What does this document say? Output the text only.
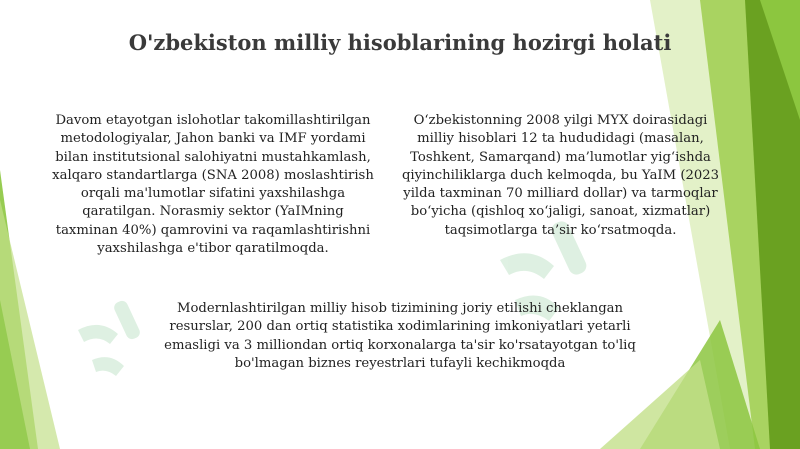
O'zbekiston milliy hisoblarining hozirgi holati

Davom etayotgan islohotlar takomillashtirilgan metodologiyalar, Jahon banki va IMF yordami bilan institutsional salohiyatni mustahkamlash, xalqaro standartlarga (SNA 2008) moslashtirish orqali ma'lumotlar sifatini yaxshilashga qaratilgan. Norasmiy sektor (YaIMning taxminan 40%) qamrovini va raqamlashtirishni yaxshilashga e'tibor qaratilmoqda.

O‘zbekistonning 2008 yilgi MYX doirasidagi milliy hisoblari 12 ta hududidagi (masalan, Toshkent, Samarqand) ma’lumotlar yig‘ishda qiyinchiliklarga duch kelmoqda, bu YaIM (2023 yilda taxminan 70 milliard dollar) va tarmoqlar bo‘yicha (qishloq xo‘jaligi, sanoat, xizmatlar) taqsimotlarga ta’sir ko‘rsatmoqda.

Modernlashtirilgan milliy hisob tizimining joriy etilishi cheklangan resurslar, 200 dan ortiq statistika xodimlarining imkoniyatlari yetarli emasligi va 3 milliondan ortiq korxonalarga ta'sir ko'rsatayotgan to'liq bo'lmagan biznes reyestrlari tufayli kechikmoqda
